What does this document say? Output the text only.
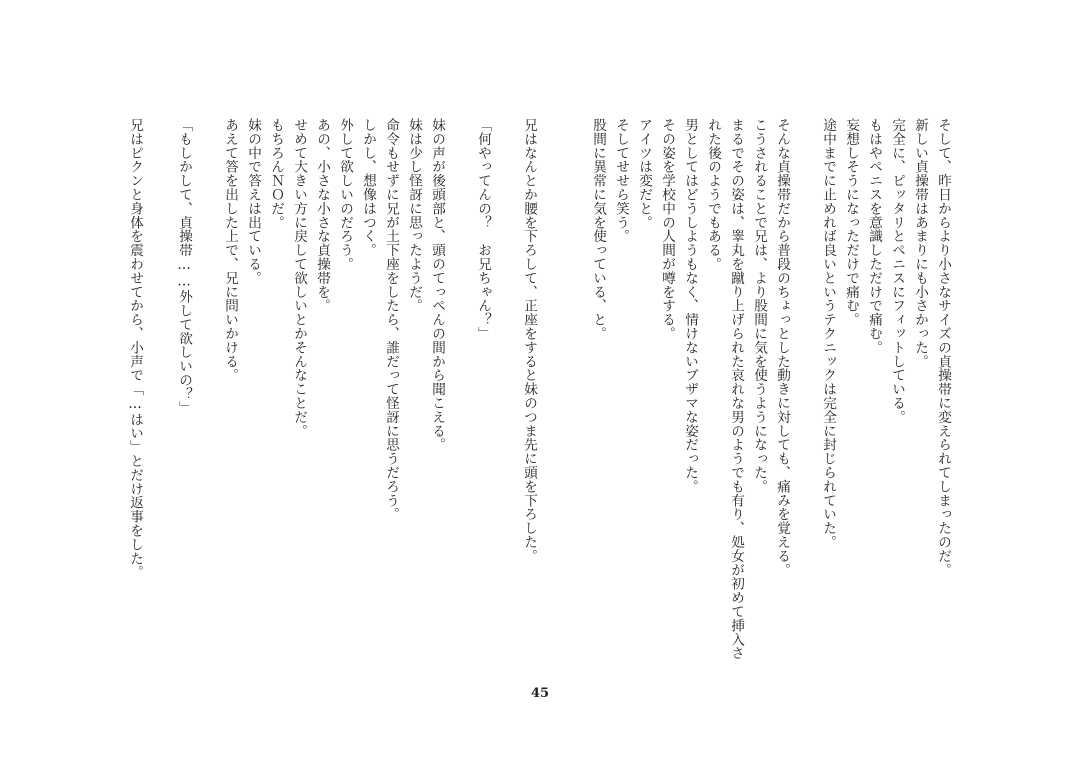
そして、昨日からより小さなサイズの貞操帯に変えられてしまったのだ。
新しい貞操帯はあまりにも小さかった。
完全に、ピッタリとペニスにフィットしている。
もはやペニスを意識しただけで痛む。
妄想しそうになっただけで痛む。
途中までに止めれば良いというテクニックは完全に封じられていた。
そんな貞操帯だから普段のちょっとした動きに対しても、痛みを覚える。
こうされることで兄は、より股間に気を使うようになった。
まるでその姿は、睾丸を蹴り上げられた哀れな男のようでも有り、処女が初めて挿入さ
れた後のようでもある。
男としてはどうしようもなく、情けないブザマな姿だった。
その姿を学校中の人間が噂をする。
アイツは変だと。
そしてせせら笑う。
股間に異常に気を使っている、と。
兄はなんとか腰を下ろして、正座をすると妹のつま先に頭を下ろした。
「何やってんの？　お兄ちゃん？」
妹の声が後頭部と、頭のてっぺんの間から聞こえる。
妹は少し怪訝に思ったようだ。
命令もせずに兄が土下座をしたら、誰だって怪訝に思うだろう。
しかし、想像はつく。
外して欲しいのだろう。
あの、小さな小さな貞操帯を。
せめて大きい方に戻して欲しいとかそんなことだ。
もちろんＮＯだ。
妹の中で答えは出ている。
あえて答を出した上で、兄に問いかける。
「もしかして、貞操帯……外して欲しいの？」
兄はピクンと身体を震わせてから、小声で「…はい」とだけ返事をした。
45
